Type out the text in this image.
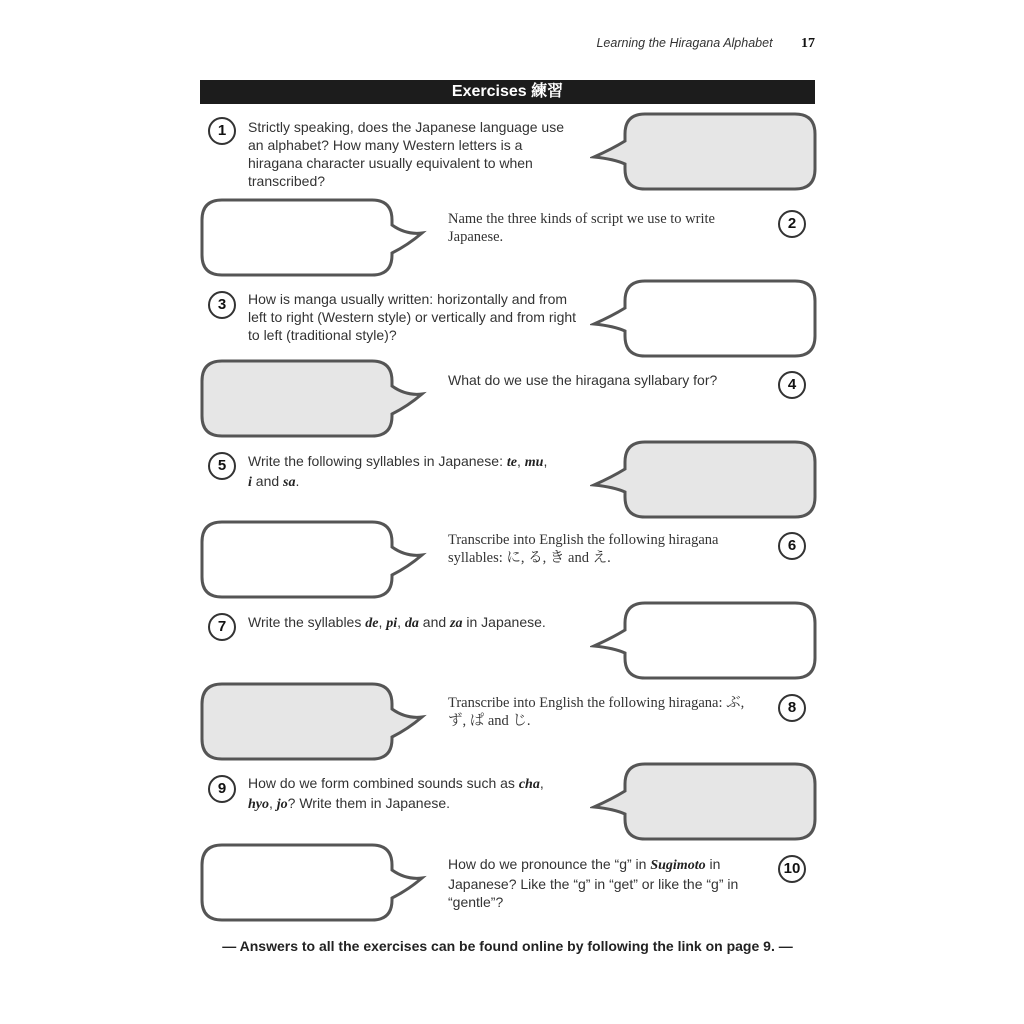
Learning the Hiragana Alphabet 17
Exercises 練習
1	Strictly speaking, does the Japanese language use an alphabet? How many Western letters is a hiragana character usually equivalent to when transcribed?
Name the three kinds of script we use to write Japanese.
2
3	How is manga usually written: horizontally and from left to right (Western style) or vertically and from right to left (traditional style)?
What do we use the hiragana syllabary for?	4
5	Write the following syllables in Japanese: te, mu,
i and sa.
Transcribe into English the following hiragana syllables: に, る, き and え.
6
7	Write the syllables de, pi, da and za in Japanese.
Transcribe into English the following hiragana: ぶ, ず, ぱ and じ.
8
9	How do we form combined sounds such as cha,
hyo, jo? Write them in Japanese.
How do we pronounce the “g” in Sugimoto in Japanese? Like the “g” in “get” or like the “g” in “gentle”?
10
— Answers to all the exercises can be found online by following the link on page 9. —
